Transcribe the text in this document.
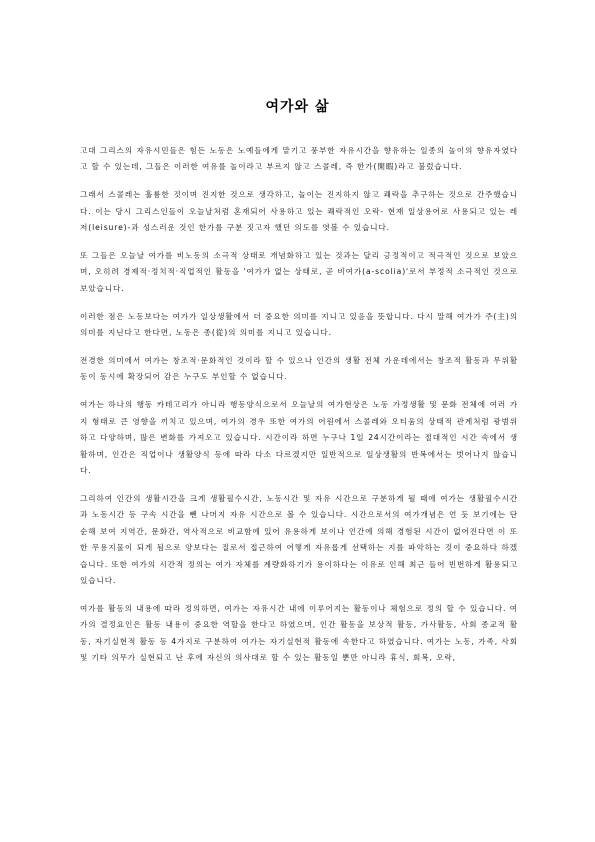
여가와 삶

고대 그리스의 자유시민들은 힘든 노동은 노예들에게 맡기고 풍부한 자유시간을 향유하는 일종의 놀이의 향유자였다고 할 수 있는데, 그들은 이러한 여유를 놀이라고 부르지 않고 스콜레, 즉 한가(閑暇)라고 불렀습니다.

그래서 스콜레는 훌륭한 것이며 진지한 것으로 생각하고, 놀이는 진지하지 않고 쾌락을 추구하는 것으로 간주했습니다. 이는 당시 그리스인들이 오늘날처럼 혼재되어 사용하고 있는 쾌락적인 오락- 현재 일상용어로 사용되고 있는 레저(leisure)-과 성스러운 것인 한가를 구분 짓고자 했던 의도를 엿볼 수 있습니다.

또 그들은 오늘날 여가를 비노동의 소극적 상태로 개념화하고 있는 것과는 달리 긍정적이고 적극적인 것으로 보았으며, 오히려 경제적·정치적·직업적인 활동을 '여가가 없는 상태로, 곧 비여가(a-scolia)'로서 부정적 소극적인 것으로 보았습니다.

이러한 점은 노동보다는 여가가 일상생활에서 더 중요한 의미를 지니고 있음을 뜻합니다. 다시 말해 여가가 주(主)의 의미를 지닌다고 한다면, 노동은 종(從)의 의미를 지니고 있습니다.

전경한 의미에서 여가는 창조적·문화적인 것이라 할 수 있으나 인간의 생활 전체 가운데에서는 창조적 활동과 무위활동이 동시에 확장되어 감은 누구도 부인할 수 없습니다.

여가는 하나의 행동 카테고리가 아니라 행동양식으로서 오늘날의 여가현상은 노동 가정생활 및 문화 전체에 여러 가지 형태로 큰 영향을 끼치고 있으며, 여가의 경우 또한 여가의 어원에서 스콜레와 오티움의 상태적 관계처럼 광범위하고 다양하며, 많은 변화를 가져오고 있습니다. 시간이라 하면 누구나 1일 24시간이라는 절대적인 시간 속에서 생활하며, 인간은 직업이나 생활양식 등에 따라 다소 다르겠지만 일반적으로 일상생활의 반복에서는 벗어나지 않습니다.

그리하여 인간의 생활시간을 크게 생활필수시간, 노동시간 및 자유 시간으로 구분하게 될 때에 여가는 생활필수시간과 노동시간 등 구속 시간을 뺀 나머지 자유 시간으로 볼 수 있습니다. 시간으로서의 여가개념은 언 듯 보기에는 단순해 보여 지역간, 문화간, 역사적으로 비교함에 있어 유용하게 보이나 인간에 의해 경험된 시간이 없어진다면 이 또한 무용지물이 되게 됨으로 양보다는 질로서 접근하여 어떻게 자유롭게 선택하는 지를 파악하는 것이 중요하다 하겠습니다. 또한 여가의 시간적 정의는 여가 자체를 계량화하기가 용이하다는 이유로 인해 최근 들어 빈번하게 활용되고 있습니다.

여가를 활동의 내용에 따라 정의하면, 여가는 자유시간 내에 이루어지는 활동이나 체험으로 정의 할 수 있습니다. 여가의 결정요인은 활동 내용이 중요한 역할을 한다고 하였으며, 인간 활동을 보상적 활동, 가사활동, 사회 종교적 활동, 자기실현적 활동 등 4가지로 구분하여 여가는 자기실현적 활동에 속한다고 하였습니다. 여가는 노동, 가족, 사회 및 기타 의무가 실현되고 난 후에 자신의 의사대로 할 수 있는 활동일 뿐만 아니라 휴식, 회복, 오락,
